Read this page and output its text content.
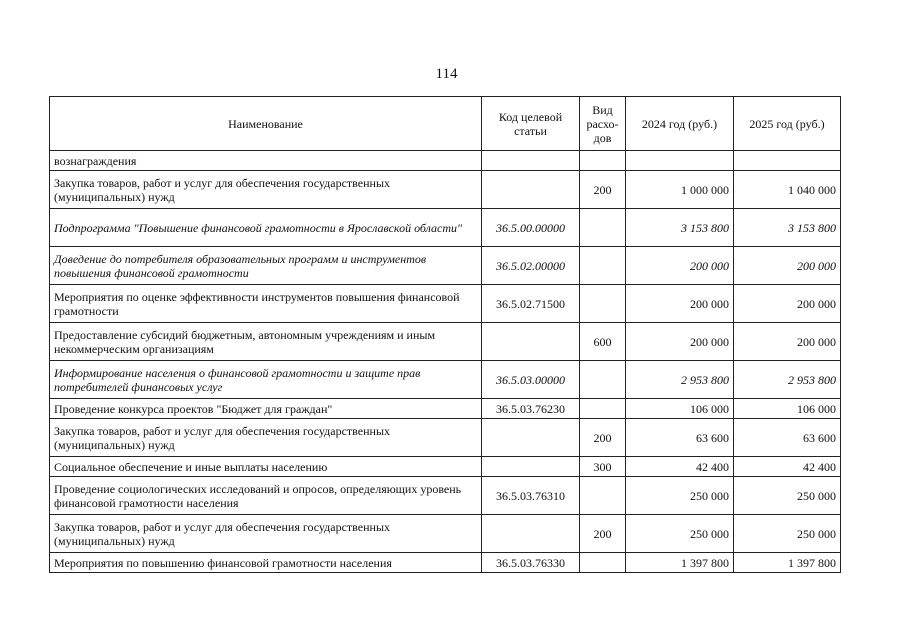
114
Наименование	Код целевой статьи	Вид расхо-дов	2024 год (руб.)	2025 год (руб.)
вознаграждения				
Закупка товаров, работ и услуг для обеспечения государственных (муниципальных) нужд		200	1 000 000	1 040 000
Подпрограмма "Повышение финансовой грамотности в Ярославской области"	36.5.00.00000		3 153 800	3 153 800
Доведение до потребителя образовательных программ и инструментов повышения финансовой грамотности	36.5.02.00000		200 000	200 000
Мероприятия по оценке эффективности инструментов повышения финансовой грамотности	36.5.02.71500		200 000	200 000
Предоставление субсидий бюджетным, автономным учреждениям и иным некоммерческим организациям		600	200 000	200 000
Информирование населения о финансовой грамотности и защите прав потребителей финансовых услуг	36.5.03.00000		2 953 800	2 953 800
Проведение конкурса проектов "Бюджет для граждан"	36.5.03.76230		106 000	106 000
Закупка товаров, работ и услуг для обеспечения государственных (муниципальных) нужд		200	63 600	63 600
Социальное обеспечение и иные выплаты населению		300	42 400	42 400
Проведение социологических исследований и опросов, определяющих уровень финансовой грамотности населения	36.5.03.76310		250 000	250 000
Закупка товаров, работ и услуг для обеспечения государственных (муниципальных) нужд		200	250 000	250 000
Мероприятия по повышению финансовой грамотности населения	36.5.03.76330		1 397 800	1 397 800
